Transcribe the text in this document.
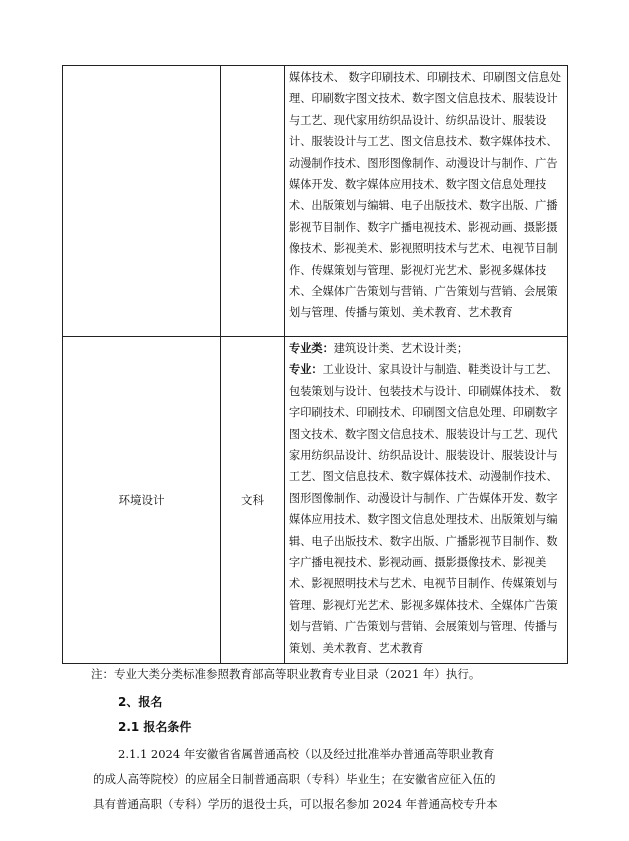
		媒体技术、 数字印刷技术、印刷技术、印刷图文信息处理、印刷数字图文技术、数字图文信息技术、服装设计与工艺、现代家用纺织品设计、纺织品设计、服装设计、服装设计与工艺、图文信息技术、数字媒体技术、动漫制作技术、图形图像制作、动漫设计与制作、广告媒体开发、数字媒体应用技术、数字图文信息处理技术、出版策划与编辑、电子出版技术、数字出版、广播影视节目制作、数字广播电视技术、影视动画、摄影摄像技术、影视美术、影视照明技术与艺术、电视节目制作、传媒策划与管理、影视灯光艺术、影视多媒体技术、全媒体广告策划与营销、广告策划与营销、会展策划与管理、传播与策划、美术教育、艺术教育

环境设计	文科	专业类：建筑设计类、艺术设计类；
专业：工业设计、家具设计与制造、鞋类设计与工艺、包装策划与设计、包装技术与设计、印刷媒体技术、 数字印刷技术、印刷技术、印刷图文信息处理、印刷数字图文技术、数字图文信息技术、服装设计与工艺、现代家用纺织品设计、纺织品设计、服装设计、服装设计与工艺、图文信息技术、数字媒体技术、动漫制作技术、图形图像制作、动漫设计与制作、广告媒体开发、数字媒体应用技术、数字图文信息处理技术、出版策划与编辑、电子出版技术、数字出版、广播影视节目制作、数字广播电视技术、影视动画、摄影摄像技术、影视美术、影视照明技术与艺术、电视节目制作、传媒策划与管理、影视灯光艺术、影视多媒体技术、全媒体广告策划与营销、广告策划与营销、会展策划与管理、传播与策划、美术教育、艺术教育
注：专业大类分类标准参照教育部高等职业教育专业目录（2021 年）执行。
2、报名
2.1 报名条件
2.1.1 2024 年安徽省省属普通高校（以及经过批准举办普通高等职业教育
的成人高等院校）的应届全日制普通高职（专科）毕业生；在安徽省应征入伍的
具有普通高职（专科）学历的退役士兵，可以报名参加 2024 年普通高校专升本
